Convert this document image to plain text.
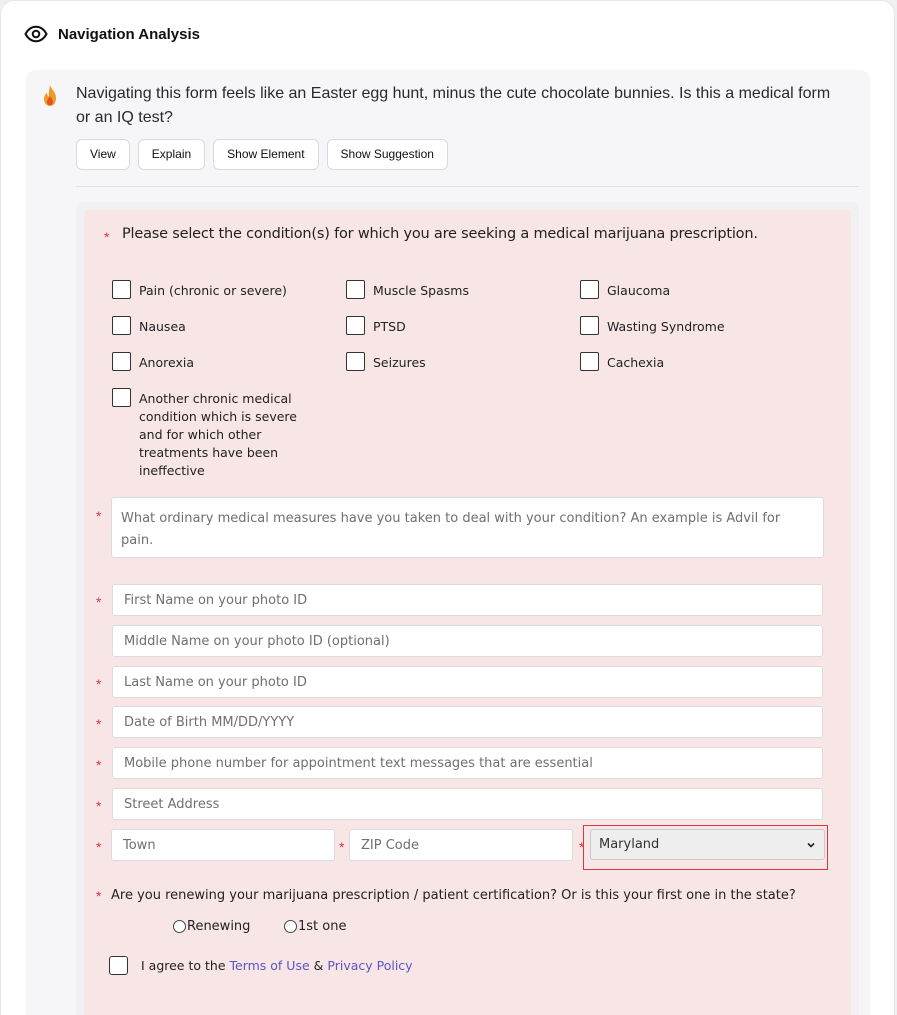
Navigation Analysis
Navigating this form feels like an Easter egg hunt, minus the cute chocolate bunnies. Is this a medical form or an IQ test?
View	Explain	Show Element	Show Suggestion
* Please select the condition(s) for which you are seeking a medical marijuana prescription.
Pain (chronic or severe)	Muscle Spasms	Glaucoma
Nausea	PTSD	Wasting Syndrome
Anorexia	Seizures	Cachexia
Another chronic medical condition which is severe and for which other treatments have been ineffective
*	What ordinary medical measures have you taken to deal with your condition? An example is Advil for pain.
*	First Name on your photo ID
Middle Name on your photo ID (optional)
*	Last Name on your photo ID
*	Date of Birth MM/DD/YYYY
*	Mobile phone number for appointment text messages that are essential
*	Street Address
*	Town	*	ZIP Code	* Maryland
* Are you renewing your marijuana prescription / patient certification? Or is this your first one in the state?
Renewing	1st one
I agree to the
Terms of Use
&
Privacy Policy
